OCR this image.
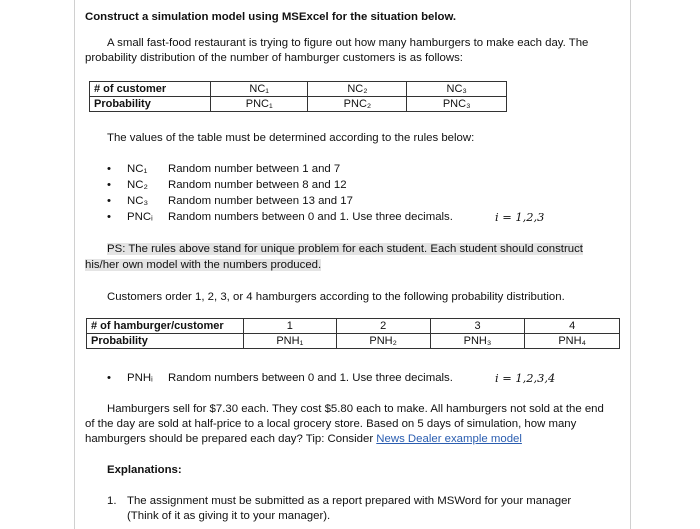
Construct a simulation model using MSExcel for the situation below.
A small fast-food restaurant is trying to figure out how many hamburgers to make each day. The
probability distribution of the number of hamburger customers is as follows:
# of customer	NC₁	NC₂	NC₃
Probability	PNC₁	PNC₂	PNC₃
The values of the table must be determined according to the rules below:
• NC₁ Random number between 1 and 7
• NC₂ Random number between 8 and 12
• NC₃ Random number between 13 and 17
• PNCᵢ Random numbers between 0 and 1. Use three decimals.	i = 1,2,3
PS: The rules above stand for unique problem for each student. Each student should construct
his/her own model with the numbers produced.
Customers order 1, 2, 3, or 4 hamburgers according to the following probability distribution.
# of hamburger/customer	1	2	3	4
Probability	PNH₁	PNH₂	PNH₃	PNH₄
• PNHᵢ Random numbers between 0 and 1. Use three decimals.	i = 1,2,3,4
Hamburgers sell for $7.30 each. They cost $5.80 each to make. All hamburgers not sold at the end
of the day are sold at half-price to a local grocery store. Based on 5 days of simulation, how many
hamburgers should be prepared each day? Tip: Consider News Dealer example model
Explanations:
1. The assignment must be submitted as a report prepared with MSWord for your manager
(Think of it as giving it to your manager).
